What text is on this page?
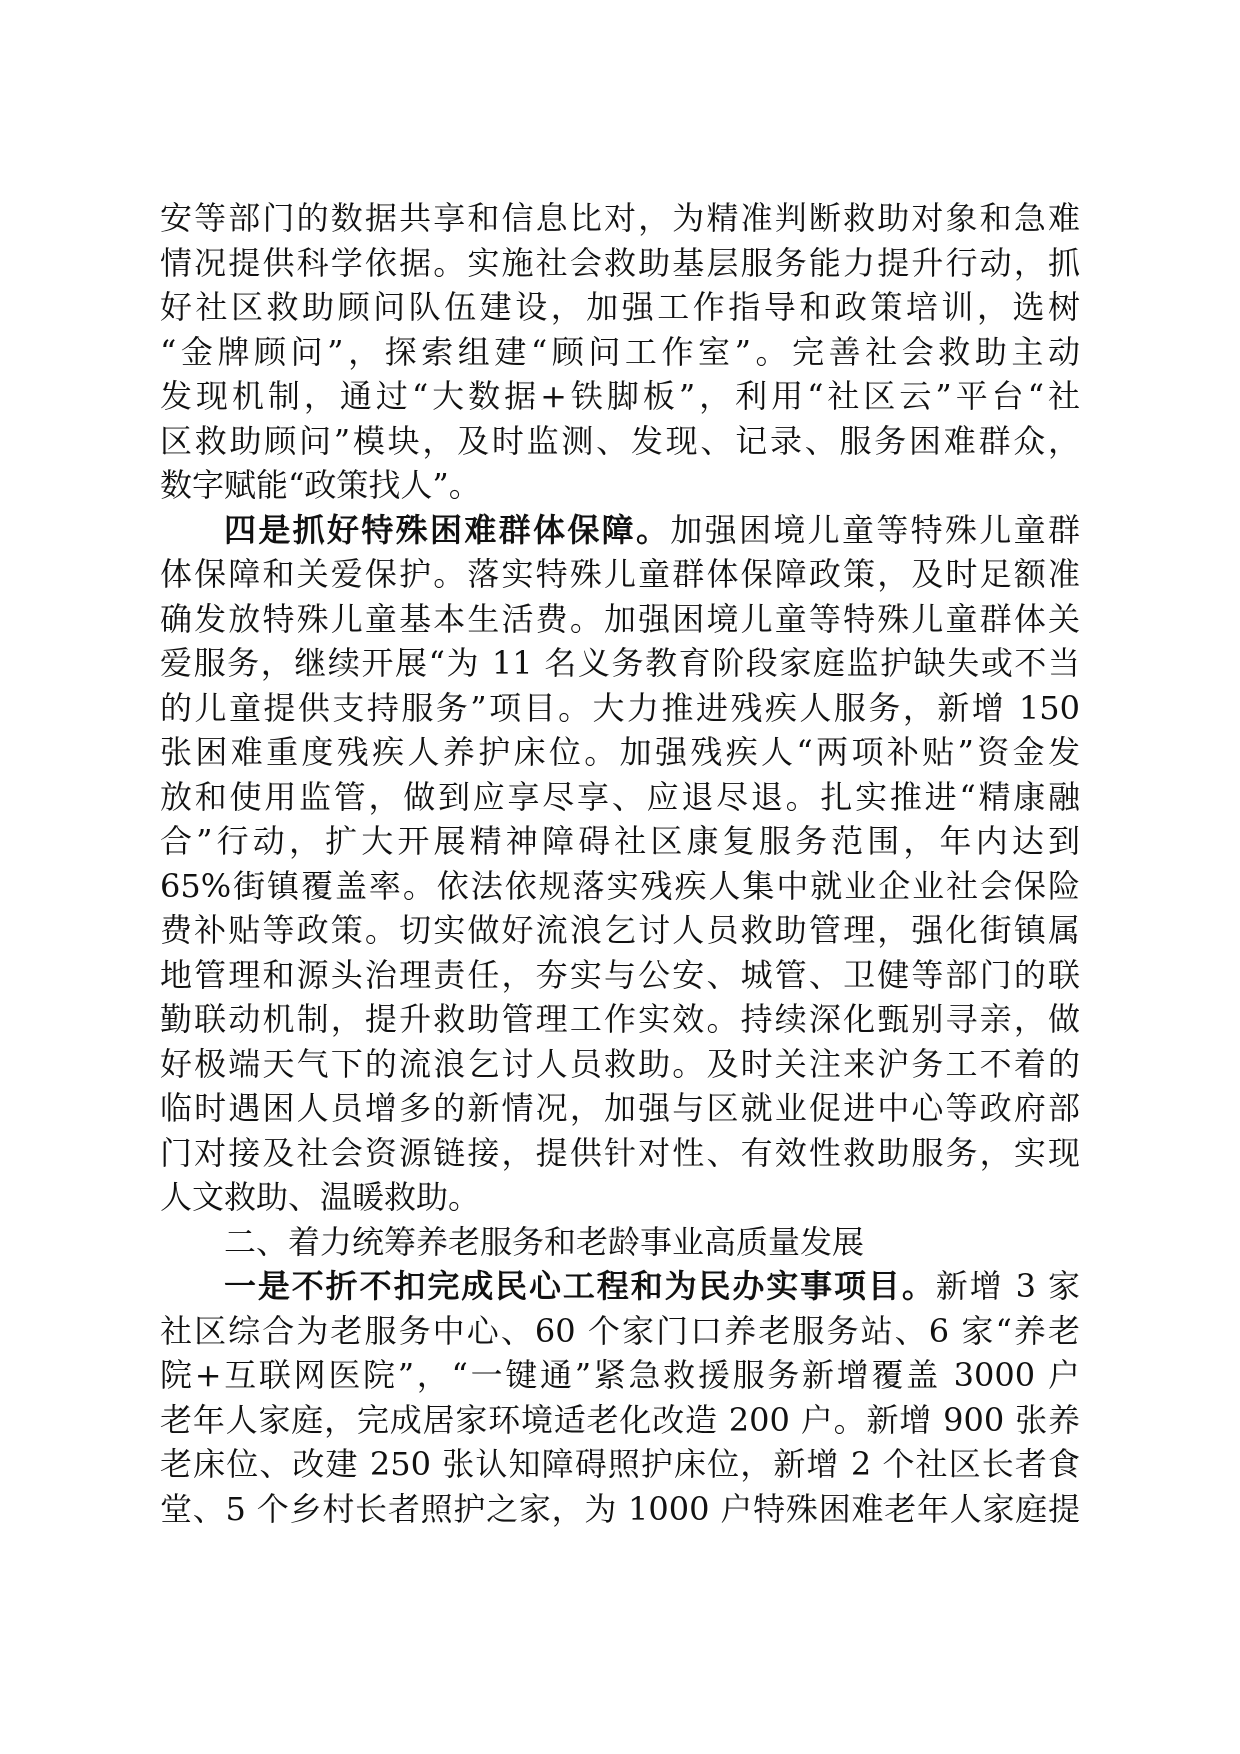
安等部门的数据共享和信息比对，为精准判断救助对象和急难
情况提供科学依据。实施社会救助基层服务能力提升行动，抓
好社区救助顾问队伍建设，加强工作指导和政策培训，选树
“金牌顾问”，探索组建“顾问工作室”。完善社会救助主动
发现机制，通过“大数据+铁脚板”，利用“社区云”平台“社
区救助顾问”模块，及时监测、发现、记录、服务困难群众，
数字赋能“政策找人”。
四是抓好特殊困难群体保障。加强困境儿童等特殊儿童群
体保障和关爱保护。落实特殊儿童群体保障政策，及时足额准
确发放特殊儿童基本生活费。加强困境儿童等特殊儿童群体关
爱服务，继续开展“为 11 名义务教育阶段家庭监护缺失或不当
的儿童提供支持服务”项目。大力推进残疾人服务，新增 150
张困难重度残疾人养护床位。加强残疾人“两项补贴”资金发
放和使用监管，做到应享尽享、应退尽退。扎实推进“精康融
合”行动，扩大开展精神障碍社区康复服务范围，年内达到
65%街镇覆盖率。依法依规落实残疾人集中就业企业社会保险
费补贴等政策。切实做好流浪乞讨人员救助管理，强化街镇属
地管理和源头治理责任，夯实与公安、城管、卫健等部门的联
勤联动机制，提升救助管理工作实效。持续深化甄别寻亲，做
好极端天气下的流浪乞讨人员救助。及时关注来沪务工不着的
临时遇困人员增多的新情况，加强与区就业促进中心等政府部
门对接及社会资源链接，提供针对性、有效性救助服务，实现
人文救助、温暖救助。
二、着力统筹养老服务和老龄事业高质量发展
一是不折不扣完成民心工程和为民办实事项目。新增 3 家
社区综合为老服务中心、60 个家门口养老服务站、6 家“养老
院+互联网医院”，“一键通”紧急救援服务新增覆盖 3000 户
老年人家庭，完成居家环境适老化改造 200 户。新增 900 张养
老床位、改建 250 张认知障碍照护床位，新增 2 个社区长者食
堂、5 个乡村长者照护之家，为 1000 户特殊困难老年人家庭提
